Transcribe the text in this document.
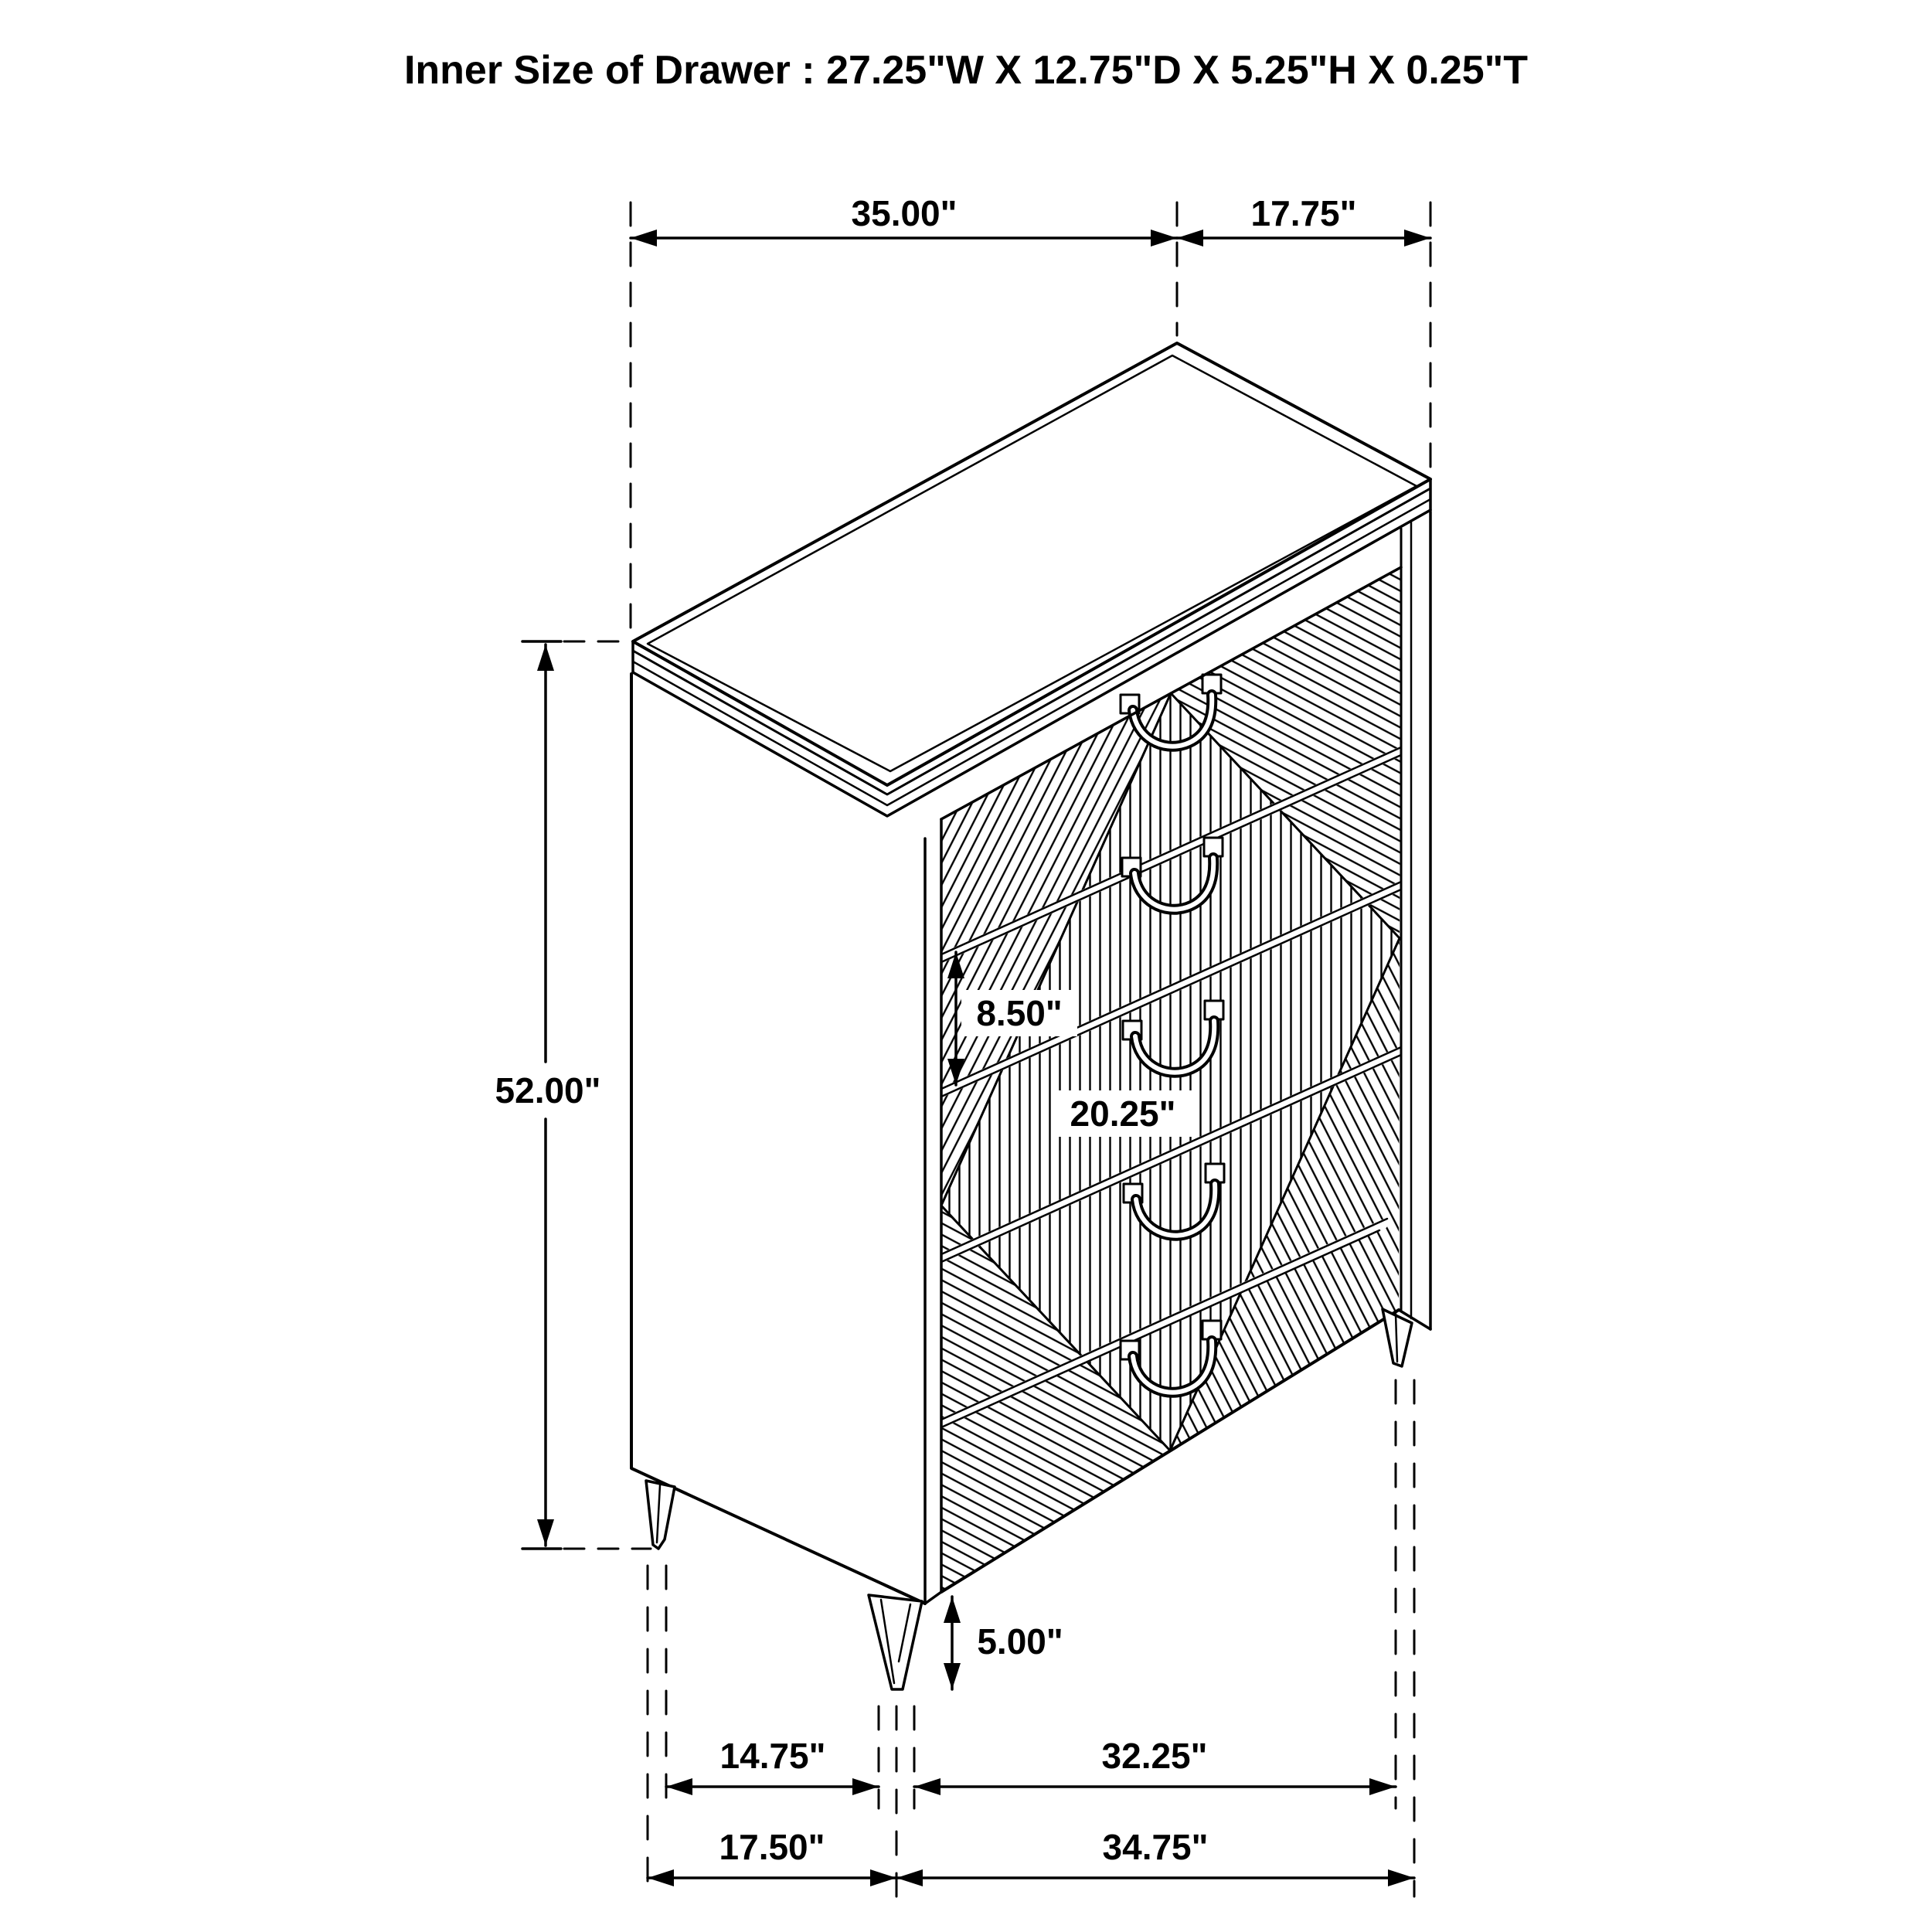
Inner Size of Drawer : 27.25"W X 12.75"D X 5.25"H X 0.25"T
35.00"	17.75"
52.00"
8.50"
20.25"
5.00"
14.75"	32.25"
17.50"	34.75"
